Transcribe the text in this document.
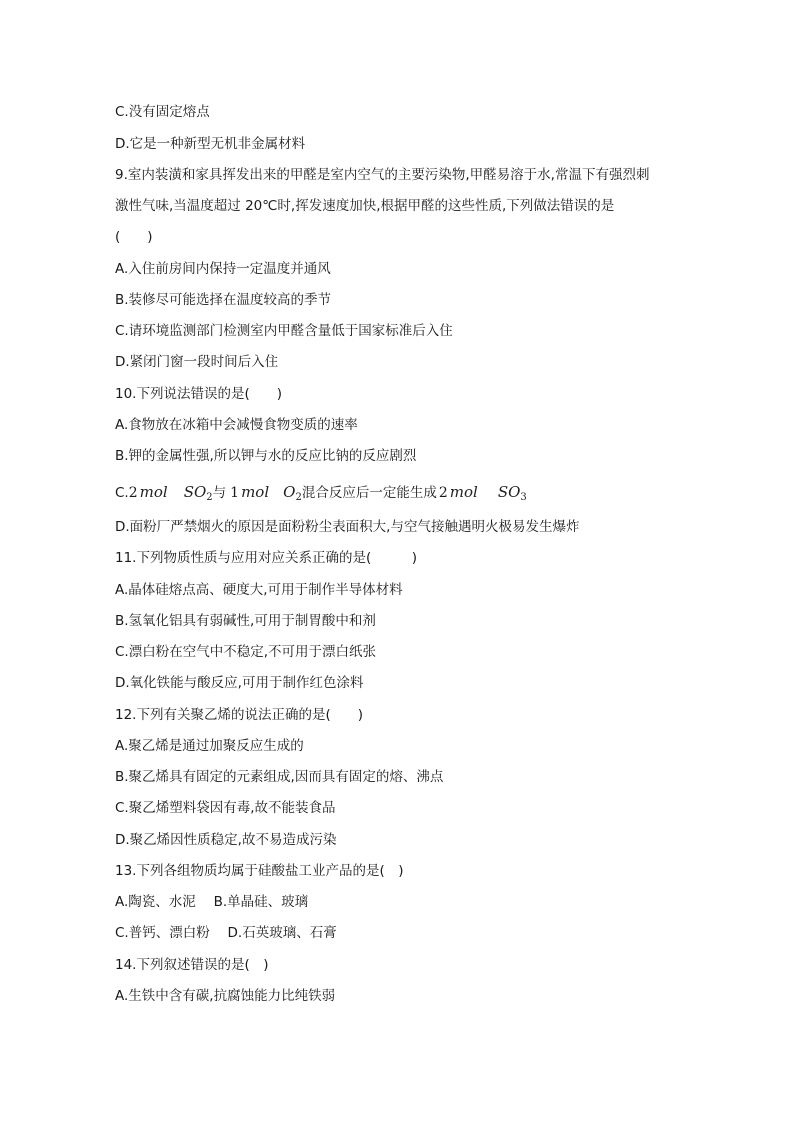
C.没有固定熔点
D.它是一种新型无机非金属材料
9.室内装潢和家具挥发出来的甲醛是室内空气的主要污染物,甲醛易溶于水,常温下有强烈刺
激性气味,当温度超过 20℃时,挥发速度加快,根据甲醛的这些性质,下列做法错误的是
(　　)
A.入住前房间内保持一定温度并通风
B.装修尽可能选择在温度较高的季节
C.请环境监测部门检测室内甲醛含量低于国家标准后入住
D.紧闭门窗一段时间后入住
10.下列说法错误的是(　　)
A.食物放在冰箱中会减慢食物变质的速率
B.钾的金属性强,所以钾与水的反应比钠的反应剧烈
C.2 mol $SO_2$与 1 mol $O_2$混合反应后一定能生成 2 mol $SO_3$
D.面粉厂严禁烟火的原因是面粉粉尘表面积大,与空气接触遇明火极易发生爆炸
11.下列物质性质与应用对应关系正确的是(　　　)
A.晶体硅熔点高、硬度大,可用于制作半导体材料
B.氢氧化铝具有弱碱性,可用于制胃酸中和剂
C.漂白粉在空气中不稳定,不可用于漂白纸张
D.氧化铁能与酸反应,可用于制作红色涂料
12.下列有关聚乙烯的说法正确的是(　　)
A.聚乙烯是通过加聚反应生成的
B.聚乙烯具有固定的元素组成,因而具有固定的熔、沸点
C.聚乙烯塑料袋因有毒,故不能装食品
D.聚乙烯因性质稳定,故不易造成污染
13.下列各组物质均属于硅酸盐工业产品的是(　)
A.陶瓷、水泥　 B.单晶硅、玻璃
C.普钙、漂白粉　 D.石英玻璃、石膏
14.下列叙述错误的是(　)
A.生铁中含有碳,抗腐蚀能力比纯铁弱
